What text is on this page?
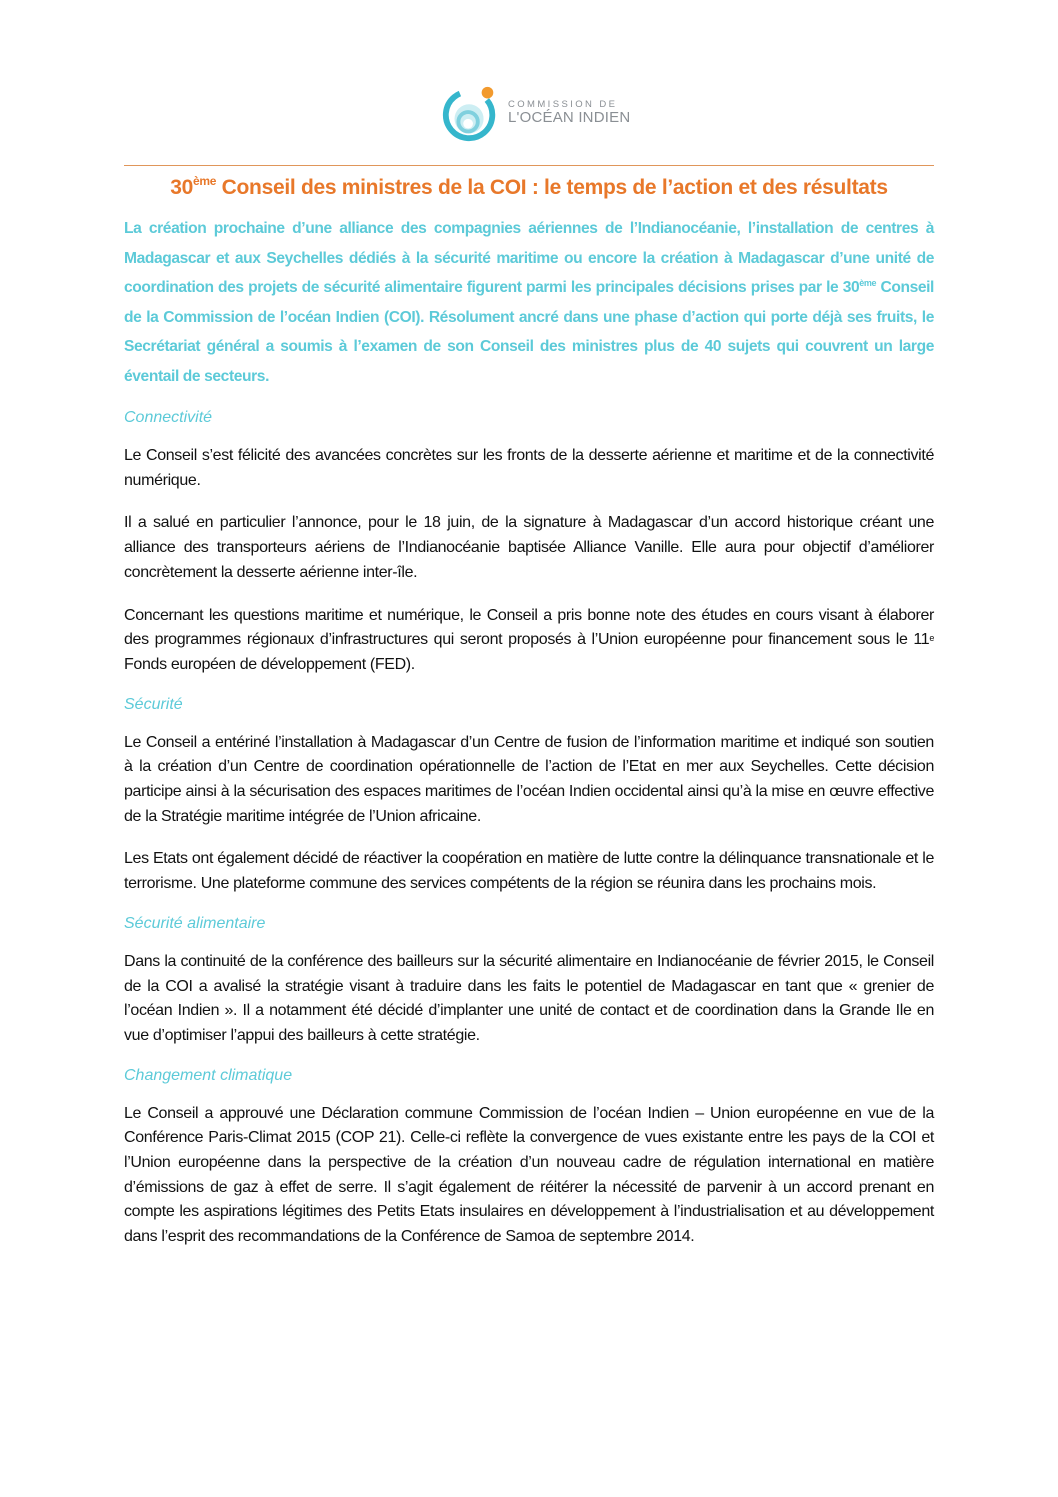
COMMISSION DE
L'OCÉAN INDIEN
30ème Conseil des ministres de la COI : le temps de l’action et des résultats

La création prochaine d’une alliance des compagnies aériennes de l’Indianocéanie, l’installation de centres à Madagascar et aux Seychelles dédiés à la sécurité maritime ou encore la création à Madagascar d’une unité de coordination des projets de sécurité alimentaire figurent parmi les principales décisions prises par le 30ème Conseil de la Commission de l’océan Indien (COI). Résolument ancré dans une phase d’action qui porte déjà ses fruits, le Secrétariat général a soumis à l’examen de son Conseil des ministres plus de 40 sujets qui couvrent un large éventail de secteurs.

Connectivité

Le Conseil s’est félicité des avancées concrètes sur les fronts de la desserte aérienne et maritime et de la connectivité numérique.

Il a salué en particulier l’annonce, pour le 18 juin, de la signature à Madagascar d’un accord historique créant une alliance des transporteurs aériens de l’Indianocéanie baptisée Alliance Vanille. Elle aura pour objectif d’améliorer concrètement la desserte aérienne inter-île.

Concernant les questions maritime et numérique, le Conseil a pris bonne note des études en cours visant à élaborer des programmes régionaux d’infrastructures qui seront proposés à l’Union européenne pour financement sous le 11e Fonds européen de développement (FED).

Sécurité

Le Conseil a entériné l’installation à Madagascar d’un Centre de fusion de l’information maritime et indiqué son soutien à la création d’un Centre de coordination opérationnelle de l’action de l’Etat en mer aux Seychelles. Cette décision participe ainsi à la sécurisation des espaces maritimes de l’océan Indien occidental ainsi qu’à la mise en œuvre effective de la Stratégie maritime intégrée de l’Union africaine.

Les Etats ont également décidé de réactiver la coopération en matière de lutte contre la délinquance transnationale et le terrorisme. Une plateforme commune des services compétents de la région se réunira dans les prochains mois.

Sécurité alimentaire

Dans la continuité de la conférence des bailleurs sur la sécurité alimentaire en Indianocéanie de février 2015, le Conseil de la COI a avalisé la stratégie visant à traduire dans les faits le potentiel de Madagascar en tant que « grenier de l’océan Indien ». Il a notamment été décidé d’implanter une unité de contact et de coordination dans la Grande Ile en vue d’optimiser l’appui des bailleurs à cette stratégie.

Changement climatique

Le Conseil a approuvé une Déclaration commune Commission de l’océan Indien – Union européenne en vue de la Conférence Paris-Climat 2015 (COP 21). Celle-ci reflète la convergence de vues existante entre les pays de la COI et l’Union européenne dans la perspective de la création d’un nouveau cadre de régulation international en matière d’émissions de gaz à effet de serre. Il s’agit également de réitérer la nécessité de parvenir à un accord prenant en compte les aspirations légitimes des Petits Etats insulaires en développement à l’industrialisation et au développement dans l’esprit des recommandations de la Conférence de Samoa de septembre 2014.
